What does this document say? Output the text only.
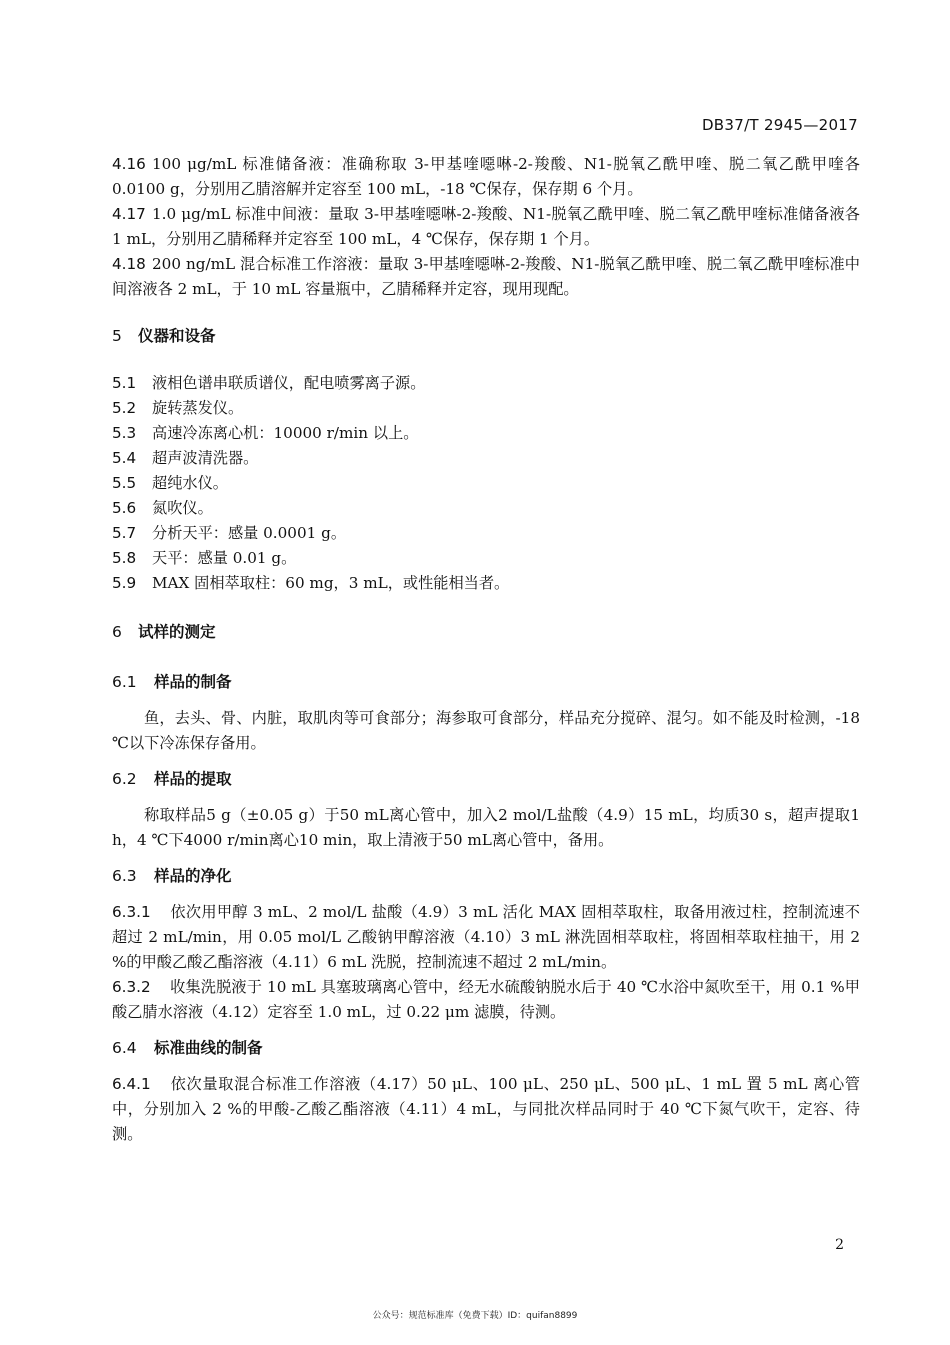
DB37/T 2945—2017

4.16 100 μg/mL 标准储备液：准确称取 3-甲基喹噁啉-2-羧酸、N1-脱氧乙酰甲喹、脱二氧乙酰甲喹各 0.0100 g，分别用乙腈溶解并定容至 100 mL，-18 ℃保存，保存期 6 个月。

4.17 1.0 μg/mL 标准中间液：量取 3-甲基喹噁啉-2-羧酸、N1-脱氧乙酰甲喹、脱二氧乙酰甲喹标准储备液各 1 mL，分别用乙腈稀释并定容至 100 mL，4 ℃保存，保存期 1 个月。

4.18 200 ng/mL 混合标准工作溶液：量取 3-甲基喹噁啉-2-羧酸、N1-脱氧乙酰甲喹、脱二氧乙酰甲喹标准中间溶液各 2 mL，于 10 mL 容量瓶中，乙腈稀释并定容，现用现配。

5 仪器和设备

5.1 液相色谱串联质谱仪，配电喷雾离子源。

5.2 旋转蒸发仪。

5.3 高速冷冻离心机：10000 r/min 以上。

5.4 超声波清洗器。

5.5 超纯水仪。

5.6 氮吹仪。

5.7 分析天平：感量 0.0001 g。

5.8 天平：感量 0.01 g。

5.9 MAX 固相萃取柱：60 mg，3 mL，或性能相当者。

6 试样的测定
6.1 样品的制备

鱼，去头、骨、内脏，取肌肉等可食部分；海参取可食部分，样品充分搅碎、混匀。如不能及时检测，-18 ℃以下冷冻保存备用。

6.2 样品的提取

称取样品5 g（±0.05 g）于50 mL离心管中，加入2 mol/L盐酸（4.9）15 mL，均质30 s，超声提取1 h，4 ℃下4000 r/min离心10 min，取上清液于50 mL离心管中，备用。

6.3 样品的净化

6.3.1 依次用甲醇 3 mL、2 mol/L 盐酸（4.9）3 mL 活化 MAX 固相萃取柱，取备用液过柱，控制流速不超过 2 mL/min，用 0.05 mol/L 乙酸钠甲醇溶液（4.10）3 mL 淋洗固相萃取柱，将固相萃取柱抽干，用 2 %的甲酸乙酸乙酯溶液（4.11）6 mL 洗脱，控制流速不超过 2 mL/min。

6.3.2 收集洗脱液于 10 mL 具塞玻璃离心管中，经无水硫酸钠脱水后于 40 ℃水浴中氮吹至干，用 0.1 %甲酸乙腈水溶液（4.12）定容至 1.0 mL，过 0.22 μm 滤膜，待测。

6.4 标准曲线的制备

6.4.1 依次量取混合标准工作溶液（4.17）50 μL、100 μL、250 μL、500 μL、1 mL 置 5 mL 离心管中，分别加入 2 %的甲酸-乙酸乙酯溶液（4.11）4 mL，与同批次样品同时于 40 ℃下氮气吹干，定容、待测。

2
公众号：规范标准库（免费下载）ID：quifan8899
